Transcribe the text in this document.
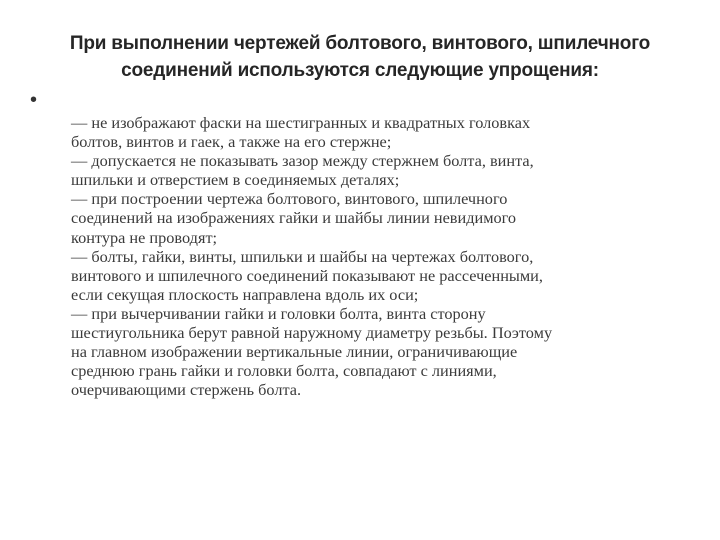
При выполнении чертежей болтового, винтового, шпилечного
соединений используются следующие упрощения:
•

— не изображают фаски на шестигранных и квадратных головках
болтов, винтов и гаек, а также на его стержне;
— допускается не показывать зазор между стержнем болта, винта,
шпильки и отверстием в соединяемых деталях;
— при построении чертежа болтового, винтового, шпилечного
соединений на изображениях гайки и шайбы линии невидимого
контура не проводят;
— болты, гайки, винты, шпильки и шайбы на чертежах болтового,
винтового и шпилечного соединений показывают не рассеченными,
если секущая плоскость направлена вдоль их оси;
— при вычерчивании гайки и головки болта, винта сторону
шестиугольника берут равной наружному диаметру резьбы. Поэтому
на главном изображении вертикальные линии, ограничивающие
среднюю грань гайки и головки болта, совпадают с линиями,
очерчивающими стержень болта.
